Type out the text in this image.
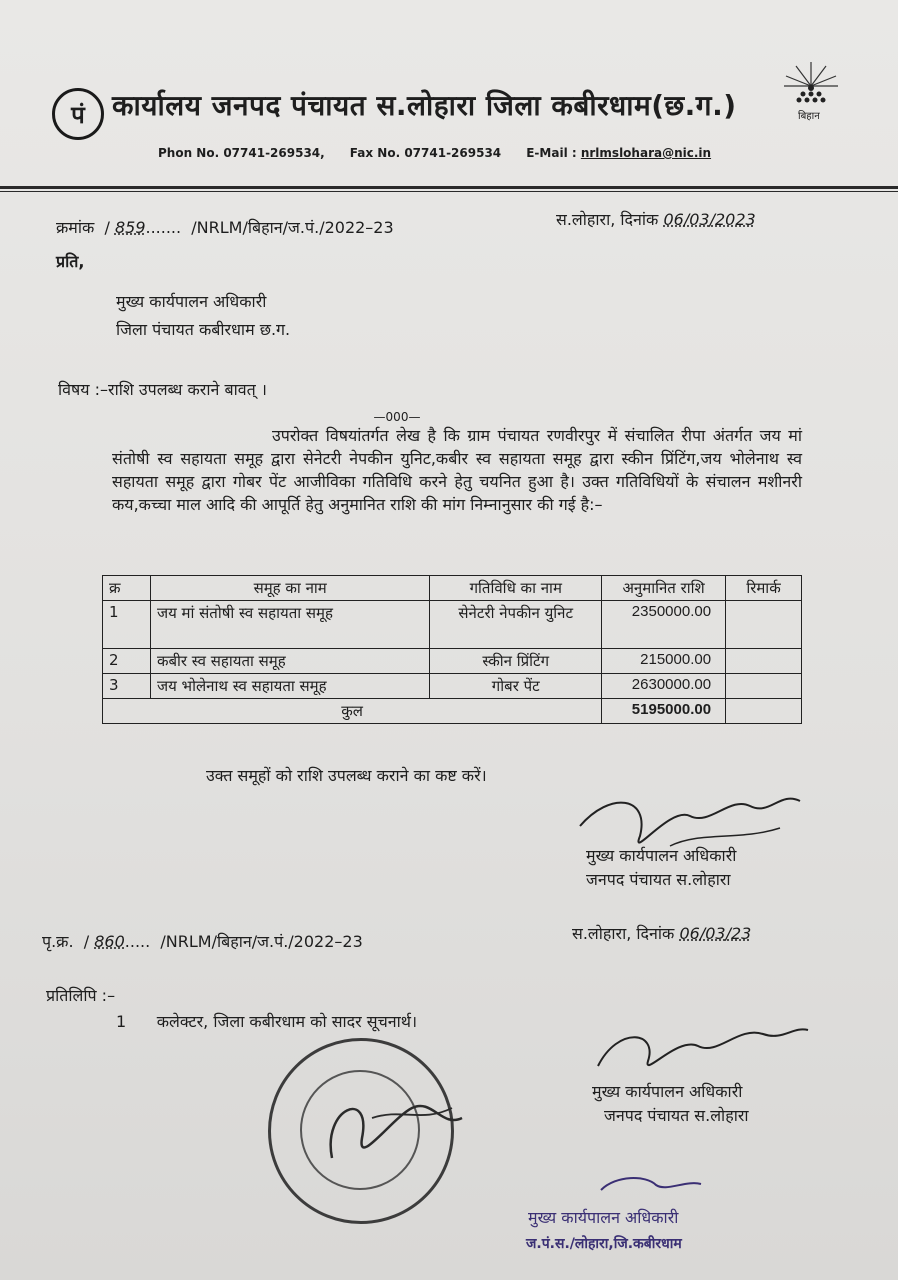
पं कार्यालय जनपद पंचायत स.लोहारा जिला कबीरधाम(छ.ग.)	बिहान
Phon No. 07741-269534, Fax No. 07741-269534 E-Mail : nrlmslohara@nic.in
क्रमांक  / 859.......  /NRLM/बिहान/ज.पं./2022–23	स.लोहारा, दिनांक 06/03/2023
प्रति,
मुख्य कार्यपालन अधिकारी
जिला पंचायत कबीरधाम छ.ग.
विषय :–राशि उपलब्ध कराने बावत् ।
—000—
उपरोक्त विषयांतर्गत लेख है कि ग्राम पंचायत रणवीरपुर में संचालित रीपा अंतर्गत जय मां संतोषी स्व सहायता समूह द्वारा सेनेटरी नेपकीन युनिट,कबीर स्व सहायता समूह द्वारा स्कीन प्रिंटिंग,जय भोलेनाथ स्व सहायता समूह द्वारा गोबर पेंट आजीविका गतिविधि करने हेतु चयनित हुआ है। उक्त गतिविधियों के संचालन मशीनरी कय,कच्चा माल आदि की आपूर्ति हेतु अनुमानित राशि की मांग निम्नानुसार की गई है:–
क्र	समूह का नाम	गतिविधि का नाम	अनुमानित राशि	रिमार्क
1	जय मां संतोषी स्व सहायता समूह	सेनेटरी नेपकीन युनिट	2350000.00	
2	कबीर स्व सहायता समूह	स्कीन प्रिंटिंग	215000.00	
3	जय भोलेनाथ स्व सहायता समूह	गोबर पेंट	2630000.00	
कुल			5195000.00	
उक्त समूहों को राशि उपलब्ध कराने का कष्ट करें।
मुख्य कार्यपालन अधिकारी
जनपद पंचायत स.लोहारा
पृ.क्र.  / 860.....  /NRLM/बिहान/ज.पं./2022–23	स.लोहारा, दिनांक 06/03/23
प्रतिलिपि :–
1 कलेक्टर, जिला कबीरधाम को सादर सूचनार्थ।
मुख्य कार्यपालन अधिकारी
जनपद पंचायत स.लोहारा
मुख्य कार्यपालन अधिकारी
ज.पं.स./लोहारा,जि.कबीरधाम
